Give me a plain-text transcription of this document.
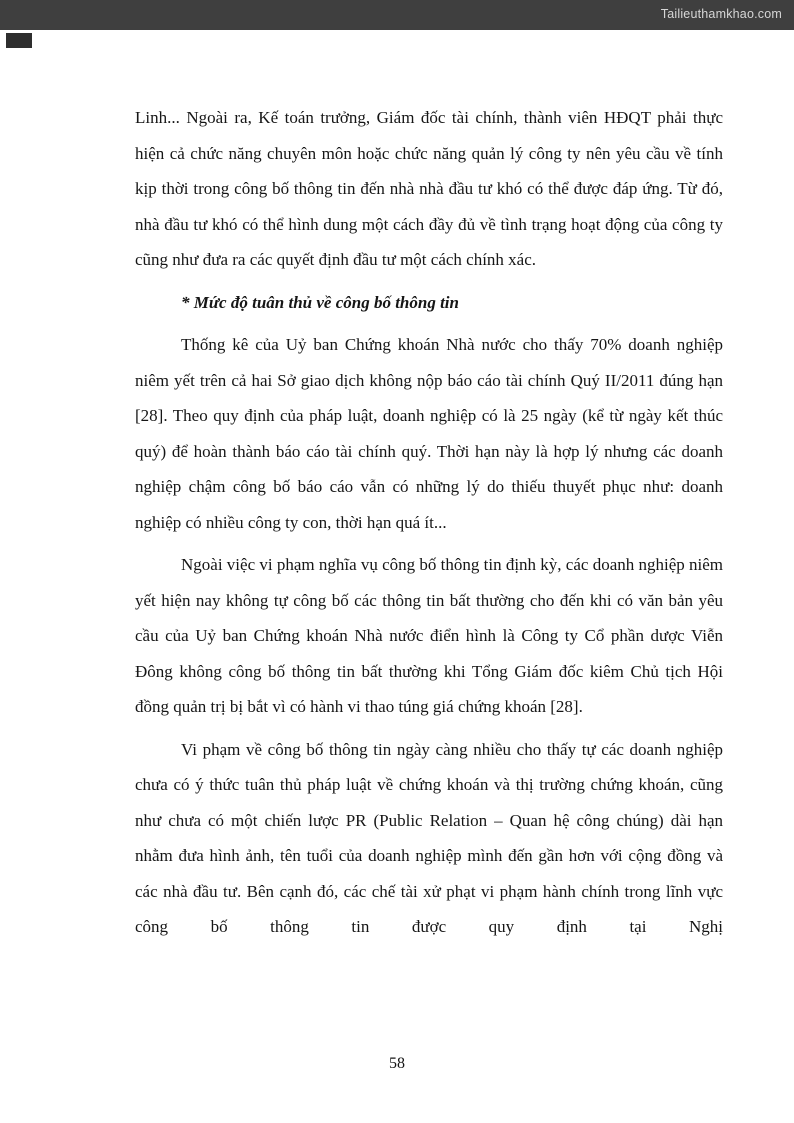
Tailieuthamkhao.com

Linh... Ngoài ra, Kế toán trưởng, Giám đốc tài chính, thành viên HĐQT phải thực hiện cả chức năng chuyên môn hoặc chức năng quản lý công ty nên yêu cầu về tính kịp thời trong công bố thông tin đến nhà nhà đầu tư khó có thể được đáp ứng. Từ đó, nhà đầu tư khó có thể hình dung một cách đầy đủ về tình trạng hoạt động của công ty cũng như đưa ra các quyết định đầu tư một cách chính xác.

* Mức độ tuân thủ về công bố thông tin

Thống kê của Uỷ ban Chứng khoán Nhà nước cho thấy 70% doanh nghiệp niêm yết trên cả hai Sở giao dịch không nộp báo cáo tài chính Quý II/2011 đúng hạn [28]. Theo quy định của pháp luật, doanh nghiệp có là 25 ngày (kể từ ngày kết thúc quý) để hoàn thành báo cáo tài chính quý. Thời hạn này là hợp lý nhưng các doanh nghiệp chậm công bố báo cáo vẫn có những lý do thiếu thuyết phục như: doanh nghiệp có nhiều công ty con, thời hạn quá ít...

Ngoài việc vi phạm nghĩa vụ công bố thông tin định kỳ, các doanh nghiệp niêm yết hiện nay không tự công bố các thông tin bất thường cho đến khi có văn bản yêu cầu của Uỷ ban Chứng khoán Nhà nước điển hình là Công ty Cổ phần dược Viễn Đông không công bố thông tin bất thường khi Tổng Giám đốc kiêm Chủ tịch Hội đồng quản trị bị bắt vì có hành vi thao túng giá chứng khoán [28].

Vi phạm về công bố thông tin ngày càng nhiều cho thấy tự các doanh nghiệp chưa có ý thức tuân thủ pháp luật về chứng khoán và thị trường chứng khoán, cũng như chưa có một chiến lược PR (Public Relation – Quan hệ công chúng) dài hạn nhằm đưa hình ảnh, tên tuổi của doanh nghiệp mình đến gần hơn với cộng đồng và các nhà đầu tư. Bên cạnh đó, các chế tài xử phạt vi phạm hành chính trong lĩnh vực công bố thông tin được quy định tại Nghị

58
